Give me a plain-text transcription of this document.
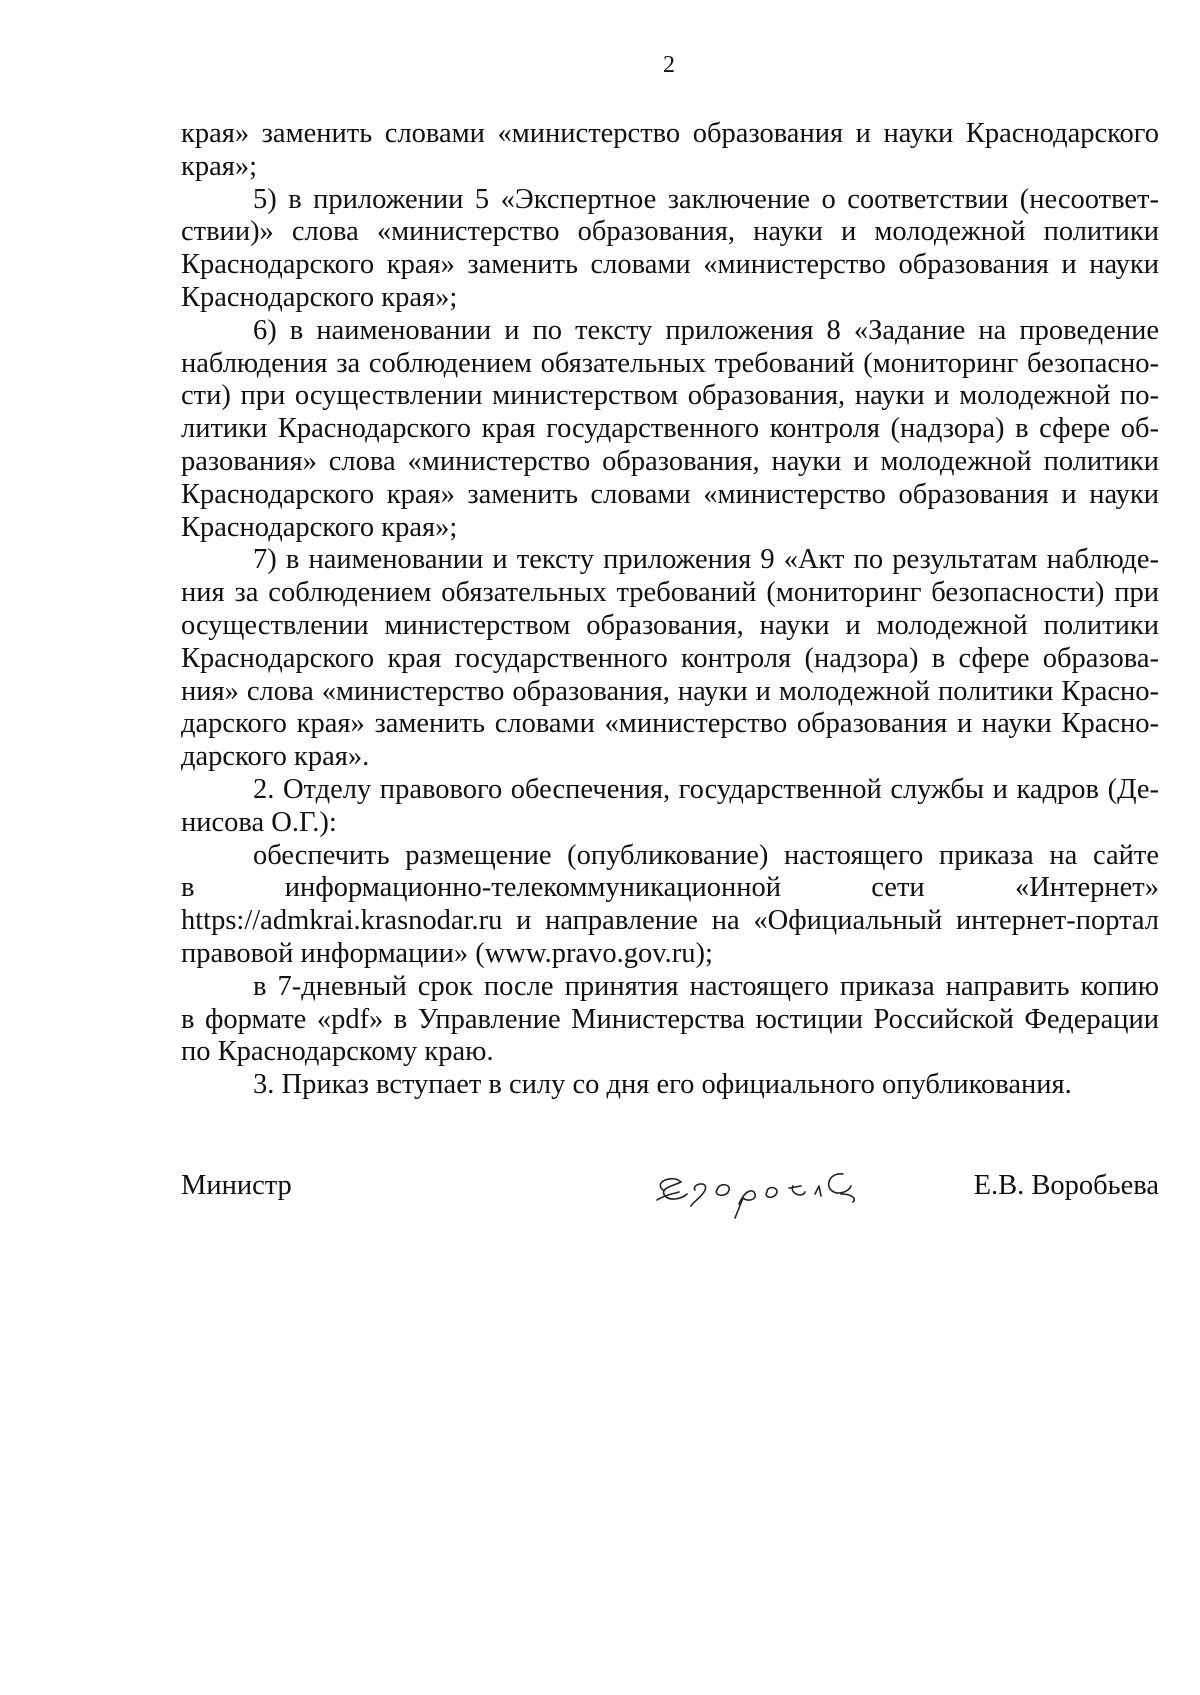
2
края» заменить словами «министерство образования и науки Краснодарского
края»;
5) в приложении 5 «Экспертное заключение о соответствии (несоответ-
ствии)» слова «министерство образования, науки и молодежной политики
Краснодарского края» заменить словами «министерство образования и науки
Краснодарского края»;
6) в наименовании и по тексту приложения 8 «Задание на проведение
наблюдения за соблюдением обязательных требований (мониторинг безопасно-
сти) при осуществлении министерством образования, науки и молодежной по-
литики Краснодарского края государственного контроля (надзора) в сфере об-
разования» слова «министерство образования, науки и молодежной политики
Краснодарского края» заменить словами «министерство образования и науки
Краснодарского края»;
7) в наименовании и тексту приложения 9 «Акт по результатам наблюде-
ния за соблюдением обязательных требований (мониторинг безопасности) при
осуществлении министерством образования, науки и молодежной политики
Краснодарского края государственного контроля (надзора) в сфере образова-
ния» слова «министерство образования, науки и молодежной политики Красно-
дарского края» заменить словами «министерство образования и науки Красно-
дарского края».
2. Отделу правового обеспечения, государственной службы и кадров (Де-
нисова О.Г.):
обеспечить размещение (опубликование) настоящего приказа на сайте
в информационно-телекоммуникационной сети «Интернет»
https://admkrai.krasnodar.ru и направление на «Официальный интернет-портал
правовой информации» (www.pravo.gov.ru);
в 7-дневный срок после принятия настоящего приказа направить копию
в формате «pdf» в Управление Министерства юстиции Российской Федерации
по Краснодарскому краю.
3. Приказ вступает в силу со дня его официального опубликования.
Министр	Е.В. Воробьева
